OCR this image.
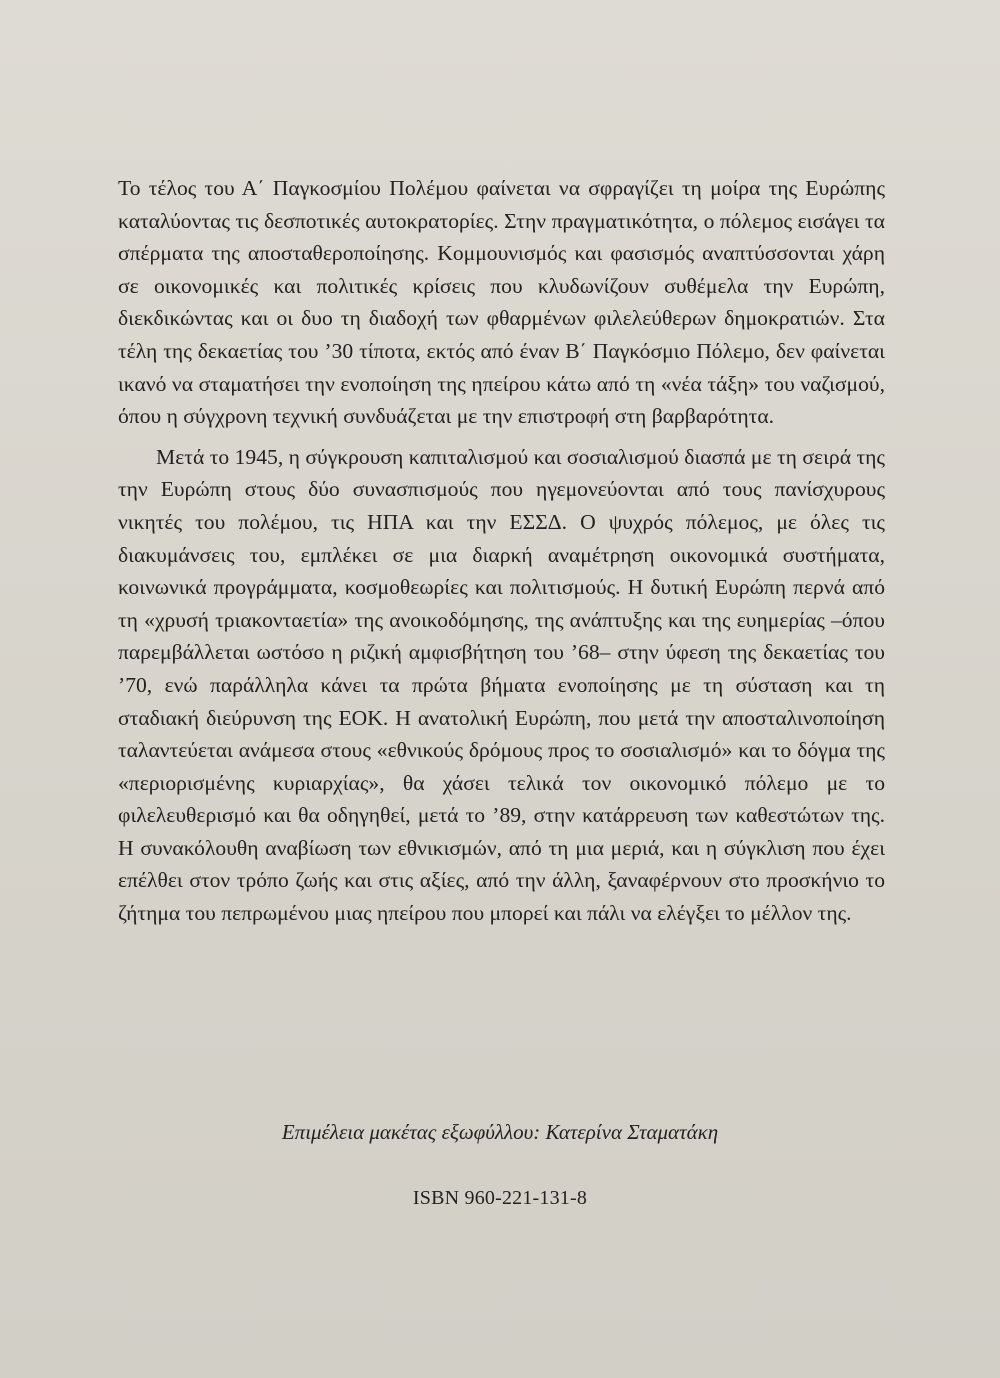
Το τέλος του Α΄ Παγκοσμίου Πολέμου φαίνεται να σφραγίζει τη μοίρα της Ευρώπης καταλύοντας τις δεσποτικές αυτοκρατορίες. Στην πραγματικότητα, ο πόλεμος εισάγει τα σπέρματα της αποσταθεροποίησης. Κομμουνισμός και φασισμός αναπτύσσονται χάρη σε οικονομικές και πολιτικές κρίσεις που κλυδωνίζουν συθέμελα την Ευρώπη, διεκδικώντας και οι δυο τη διαδοχή των φθαρμένων φιλελεύθερων δημοκρατιών. Στα τέλη της δεκαετίας του ’30 τίποτα, εκτός από έναν Β΄ Παγκόσμιο Πόλεμο, δεν φαίνεται ικανό να σταματήσει την ενοποίηση της ηπείρου κάτω από τη «νέα τάξη» του ναζισμού, όπου η σύγχρονη τεχνική συνδυάζεται με την επιστροφή στη βαρβαρότητα.

Μετά το 1945, η σύγκρουση καπιταλισμού και σοσιαλισμού διασπά με τη σειρά της την Ευρώπη στους δύο συνασπισμούς που ηγεμονεύονται από τους πανίσχυρους νικητές του πολέμου, τις ΗΠΑ και την ΕΣΣΔ. Ο ψυχρός πόλεμος, με όλες τις διακυμάνσεις του, εμπλέκει σε μια διαρκή αναμέτρηση οικονομικά συστήματα, κοινωνικά προγράμματα, κοσμοθεωρίες και πολιτισμούς. Η δυτική Ευρώπη περνά από τη «χρυσή τριακονταετία» της ανοικοδόμησης, της ανάπτυξης και της ευημερίας –όπου παρεμβάλλεται ωστόσο η ριζική αμφισβήτηση του ’68– στην ύφεση της δεκαετίας του ’70, ενώ παράλληλα κάνει τα πρώτα βήματα ενοποίησης με τη σύσταση και τη σταδιακή διεύρυνση της ΕΟΚ. Η ανατολική Ευρώπη, που μετά την αποσταλινοποίηση ταλαντεύεται ανάμεσα στους «εθνικούς δρόμους προς το σοσιαλισμό» και τo δόγμα της «περιορισμένης κυριαρχίας», θα χάσει τελικά τον οικονομικό πόλεμο με το φιλελευθερισμό και θα οδηγηθεί, μετά το ’89, στην κατάρρευση των καθεστώτων της. Η συνακόλουθη αναβίωση των εθνικισμών, από τη μια μεριά, και η σύγκλιση που έχει επέλθει στον τρόπο ζωής και στις αξίες, από την άλλη, ξαναφέρνουν στο προσκήνιο το ζήτημα του πεπρωμένου μιας ηπείρου που μπορεί και πάλι να ελέγξει το μέλλον της.

Επιμέλεια μακέτας εξωφύλλου: Κατερίνα Σταματάκη
ISBN 960-221-131-8
